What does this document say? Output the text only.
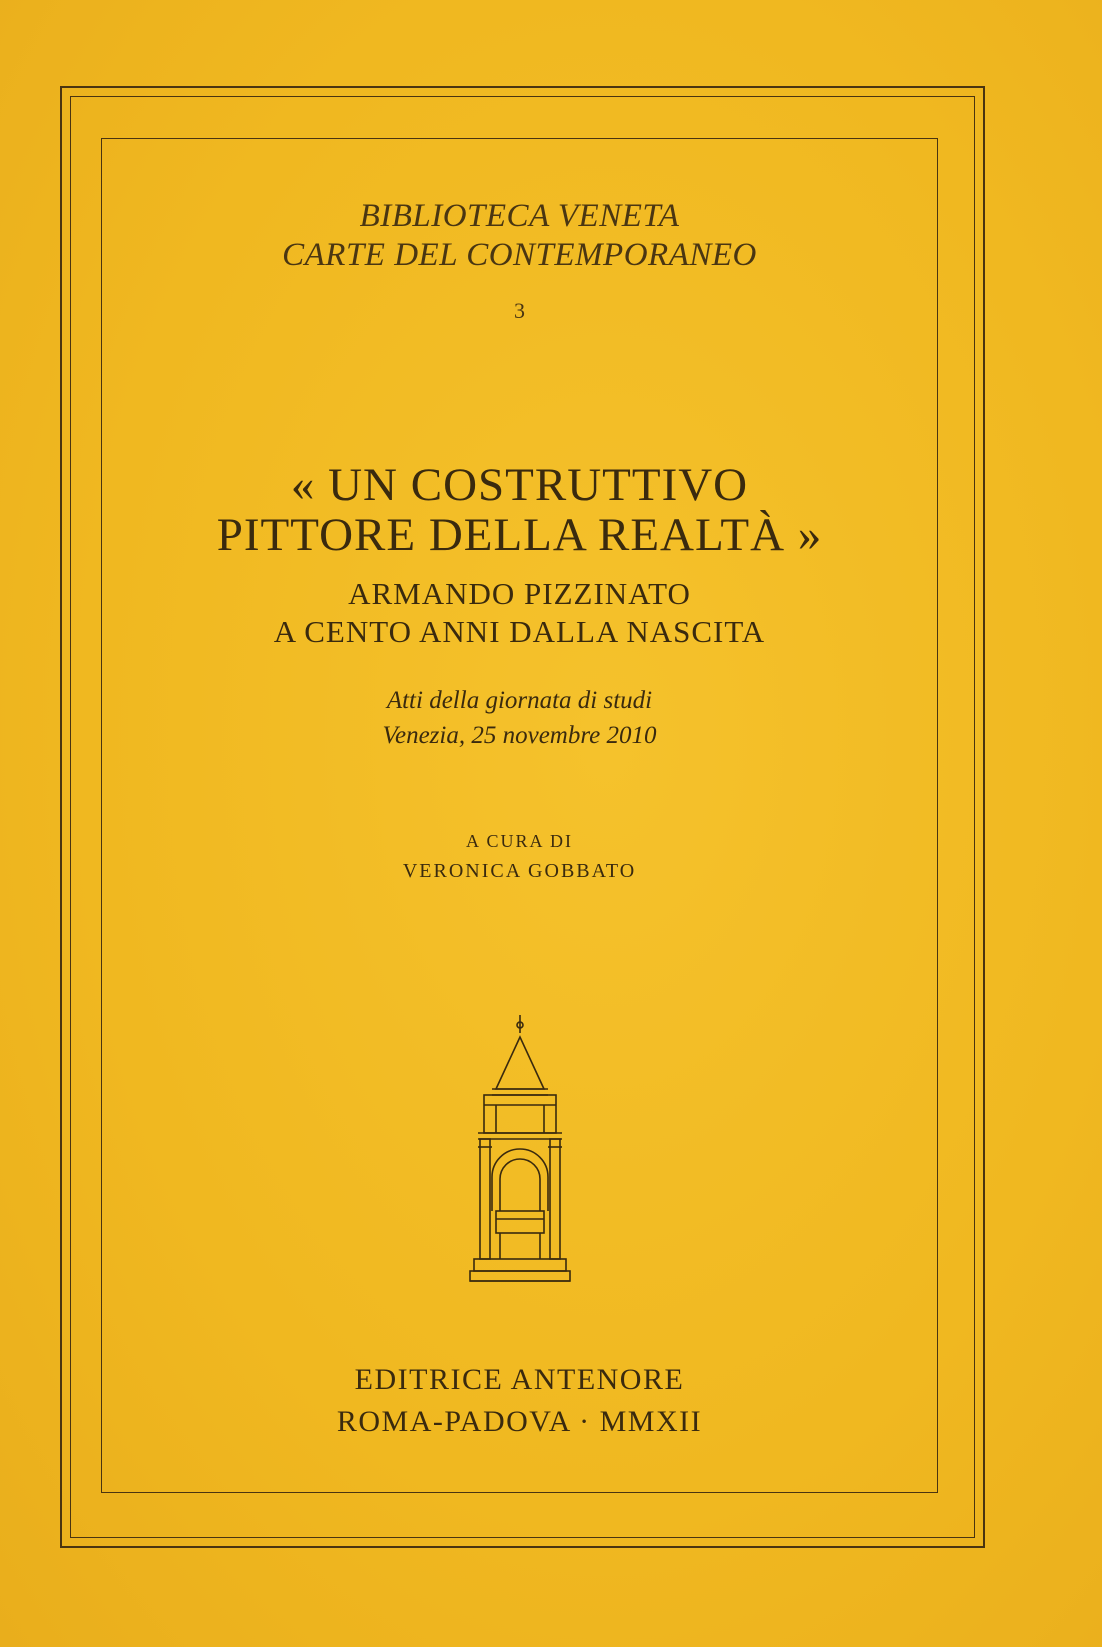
BIBLIOTECA VENETA
CARTE DEL CONTEMPORANEO
3
« UN COSTRUTTIVO
PITTORE DELLA REALTÀ »
ARMANDO PIZZINATO
A CENTO ANNI DALLA NASCITA
Atti della giornata di studi
Venezia, 25 novembre 2010
A CURA DI
VERONICA GOBBATO
EDITRICE ANTENORE
ROMA-PADOVA · MMXII
